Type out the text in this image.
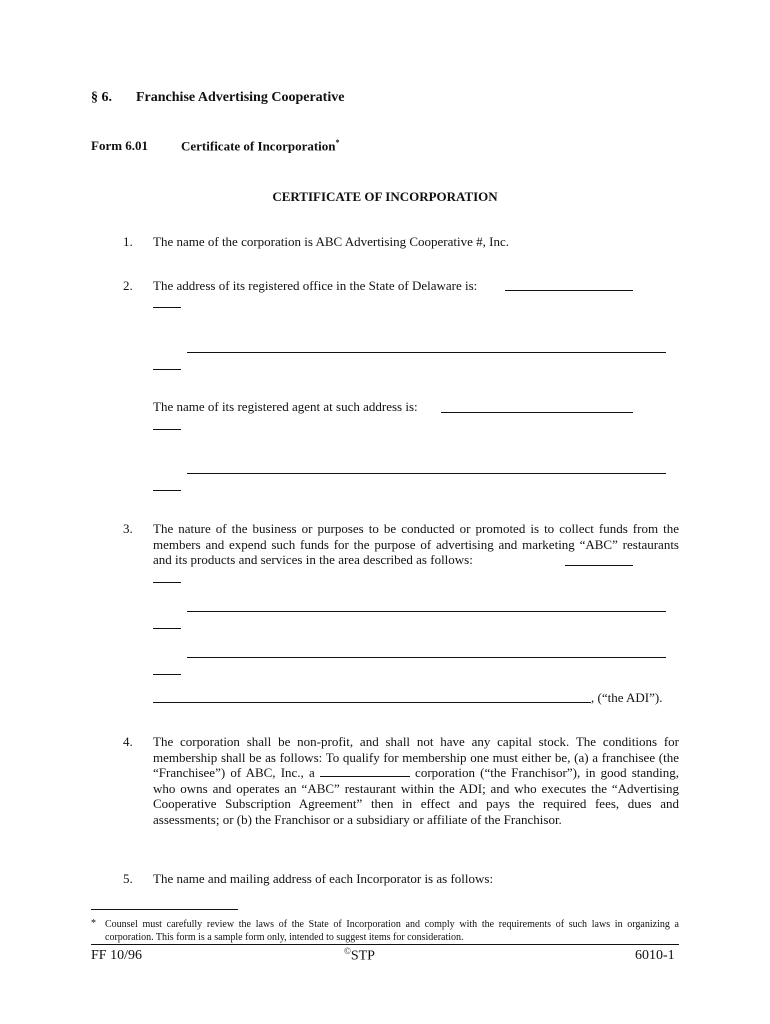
§ 6. Franchise Advertising Cooperative
Form 6.01	Certificate of Incorporation*
CERTIFICATE OF INCORPORATION
1. The name of the corporation is ABC Advertising Cooperative #, Inc.
2. The address of its registered office in the State of Delaware is:
The name of its registered agent at such address is:
3. The nature of the business or purposes to be conducted or promoted is to collect funds from the members and expend such funds for the purpose of advertising and marketing “ABC” restaurants and its products and services in the area described as follows:
, (“the ADI”).
4. The corporation shall be non-profit, and shall not have any capital stock. The conditions for membership shall be as follows: To qualify for membership one must either be, (a) a franchisee (the “Franchisee”) of ABC, Inc., a	corporation (“the Franchisor”), in good standing, who owns and operates an “ABC” restaurant within the ADI; and who executes the “Advertising Cooperative Subscription Agreement” then in effect and pays the required fees, dues and assessments; or (b) the Franchisor or a subsidiary or affiliate of the Franchisor.
5. The name and mailing address of each Incorporator is as follows:
* Counsel must carefully review the laws of the State of Incorporation and comply with the requirements of such laws in organizing a corporation. This form is a sample form only, intended to suggest items for consideration.
FF 10/96	©STP	6010-1
